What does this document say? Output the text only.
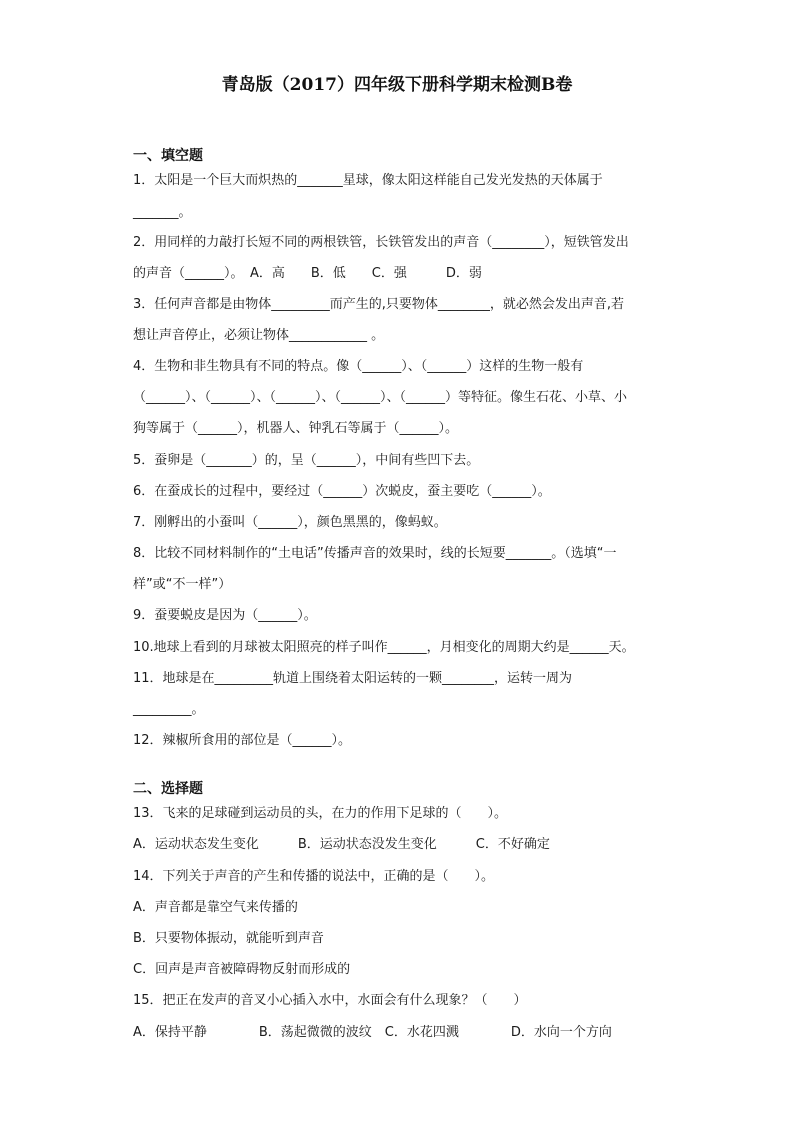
青岛版（2017）四年级下册科学期末检测B卷
一、填空题
1．太阳是一个巨大而炽热的_______星球，像太阳这样能自己发光发热的天体属于
_______。
2．用同样的力敲打长短不同的两根铁管，长铁管发出的声音（________），短铁管发出
的声音（______）。　A．高　　B．低　　C．强　　　D．弱
3．任何声音都是由物体_________而产生的,只要物体________，就必然会发出声音,若
想让声音停止，必须让物体____________ 。
4．生物和非生物具有不同的特点。像（______）、（______）这样的生物一般有
（______）、（______）、（______）、（______）、（______）等特征。像生石花、小草、小
狗等属于（______），机器人、钟乳石等属于（______）。
5．蚕卵是（_______）的，呈（______），中间有些凹下去。
6．在蚕成长的过程中，要经过（______）次蜕皮，蚕主要吃（______）。
7．刚孵出的小蚕叫（______），颜色黑黑的，像蚂蚁。
8．比较不同材料制作的“土电话”传播声音的效果时，线的长短要_______。（选填“一
样”或“不一样”）
9．蚕要蜕皮是因为（______）。
10.地球上看到的月球被太阳照亮的样子叫作______，月相变化的周期大约是______天。
11．地球是在_________轨道上围绕着太阳运转的一颗________，运转一周为
_________。
12．辣椒所食用的部位是（______）。
二、选择题
13．飞来的足球碰到运动员的头，在力的作用下足球的（　　）。
A．运动状态发生变化　　　B．运动状态没发生变化　　　C．不好确定
14．下列关于声音的产生和传播的说法中，正确的是（　　）。
A．声音都是靠空气来传播的
B．只要物体振动，就能听到声音
C．回声是声音被障碍物反射而形成的
15．把正在发声的音叉小心插入水中，水面会有什么现象？（　　）
A．保持平静　　　　B．荡起微微的波纹　C．水花四溅　　　　D．水向一个方向
